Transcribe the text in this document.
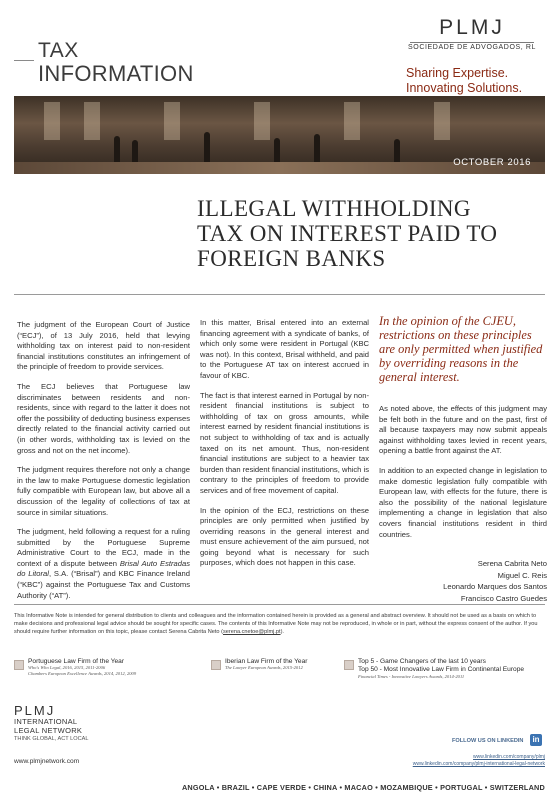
TAX
INFORMATION
PLMJ
SOCIEDADE DE ADVOGADOS, RL
Sharing Expertise.
Innovating Solutions.
OCTOBER 2016
ILLEGAL WITHHOLDING
TAX ON INTEREST PAID TO
FOREIGN BANKS

The judgment of the European Court of Justice (“ECJ”), of 13 July 2016, held that levying withholding tax on interest paid to non-resident financial institutions constitutes an infringement of the principle of freedom to provide services.

The ECJ believes that Portuguese law discriminates between residents and non-residents, since with regard to the latter it does not offer the possibility of deducting business expenses directly related to the financial activity carried out (in other words, withholding tax is levied on the gross and not on the net income).

The judgment requires therefore not only a change in the law to make Portuguese domestic legislation fully compatible with European law, but above all a discussion of the legality of collections of tax at source in similar situations.

The judgment, held following a request for a ruling submitted by the Portuguese Supreme Administrative Court to the ECJ, made in the context of a dispute between Brisal Auto Estradas do Litoral, S.A. (“Brisal”) and KBC Finance Ireland (“KBC”) against the Portuguese Tax and Customs Authority (“AT”).

In this matter, Brisal entered into an external financing agreement with a syndicate of banks, of which only some were resident in Portugal (KBC was not). In this context, Brisal withheld, and paid to the Portuguese AT tax on interest accrued in favour of KBC.

The fact is that interest earned in Portugal by non-resident financial institutions is subject to withholding of tax on gross amounts, while interest earned by resident financial institutions is not subject to withholding of tax and is actually taxed on its net amount. Thus, non-resident financial institutions are subject to a heavier tax burden than resident financial institutions, which is contrary to the principles of freedom to provide services and of free movement of capital.

In the opinion of the ECJ, restrictions on these principles are only permitted when justified by overriding reasons in the general interest and must ensure achievement of the aim pursued, not going beyond what is necessary for such purposes, which does not happen in this case.

In the opinion of the CJEU, restrictions on these principles are only permitted when justified by overriding reasons in the general interest.

As noted above, the effects of this judgment may be felt both in the future and on the past, first of all because taxpayers may now submit appeals against withholding taxes levied in recent years, opening a battle front against the AT.

In addition to an expected change in legislation to make domestic legislation fully compatible with European law, with effects for the future, there is also the possibility of the national legislature implementing a change in legislation that also covers financial institutions resident in third countries.

Serena Cabrita Neto
Miguel C. Reis
Leonardo Marques dos Santos
Francisco Castro Guedes
This Informative Note is intended for general distribution to clients and colleagues and the information contained herein is provided as a general and abstract overview. It should not be used as a basis on which to make decisions and professional legal advice should be sought for specific cases. The contents of this Informative Note may not be reproduced, in whole or in part, without the express consent of the author. If you should require further information on this topic, please contact Serena Cabrita Neto (serena.cnetoe@plmj.pt).
Portuguese Law Firm of the Year
Who's Who Legal, 2016, 2015, 2011-2006
Chambers European Excellence Awards, 2014, 2012, 2009
Iberian Law Firm of the Year
The Lawyer European Awards, 2015-2012
Top 5 - Game Changers of the last 10 years
Top 50 - Most Innovative Law Firm in Continental Europe
Financial Times - Innovative Lawyers Awards, 2014-2011
PLMJ
INTERNATIONAL
LEGAL NETWORK
THINK GLOBAL, ACT LOCAL
www.plmjnetwork.com
FOLLOW US ON LINKEDIN	in
www.linkedin.com/company/plmj
www.linkedin.com/company/plmj-international-legal-network
ANGOLA • BRAZIL • CAPE VERDE • CHINA • MACAO • MOZAMBIQUE • PORTUGAL • SWITZERLAND
